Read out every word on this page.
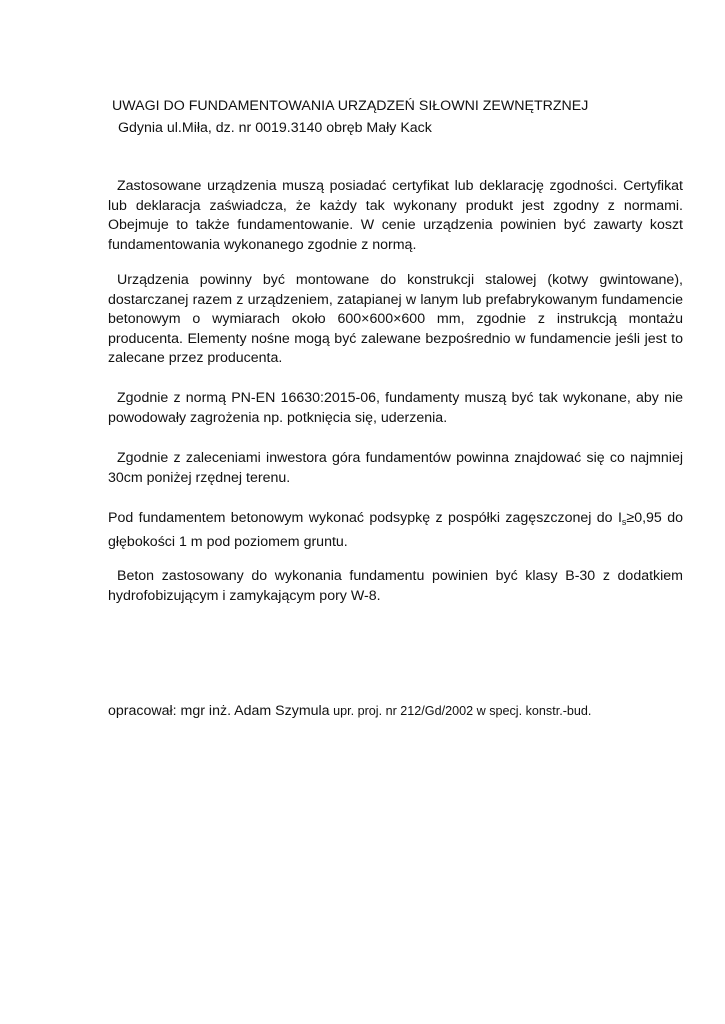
UWAGI DO FUNDAMENTOWANIA URZĄDZEŃ SIŁOWNI ZEWNĘTRZNEJ
Gdynia ul.Miła, dz. nr 0019.3140 obręb Mały Kack
Zastosowane urządzenia muszą posiadać certyfikat lub deklarację zgodności. Certyfikat lub deklaracja zaświadcza, że każdy tak wykonany produkt jest zgodny z normami. Obejmuje to także fundamentowanie. W cenie urządzenia powinien być zawarty koszt fundamentowania wykonanego zgodnie z normą.
Urządzenia powinny być montowane do konstrukcji stalowej (kotwy gwintowane), dostarczanej razem z urządzeniem, zatapianej w lanym lub prefabrykowanym fundamencie betonowym o wymiarach około 600×600×600 mm, zgodnie z instrukcją montażu producenta. Elementy nośne mogą być zalewane bezpośrednio w fundamencie jeśli jest to zalecane przez producenta.
Zgodnie z normą PN-EN 16630:2015-06, fundamenty muszą być tak wykonane, aby nie powodowały zagrożenia np. potknięcia się, uderzenia.
Zgodnie z zaleceniami inwestora góra fundamentów powinna znajdować się co najmniej 30cm poniżej rzędnej terenu.
Pod fundamentem betonowym wykonać podsypkę z pospółki zagęszczonej do $I_s\ge 0,95$ do głębokości 1 m pod poziomem gruntu.
Beton zastosowany do wykonania fundamentu powinien być klasy B-30 z dodatkiem hydrofobizującym i zamykającym pory W-8.
opracował: mgr inż. Adam Szymula upr. proj. nr 212/Gd/2002 w specj. konstr.-bud.
